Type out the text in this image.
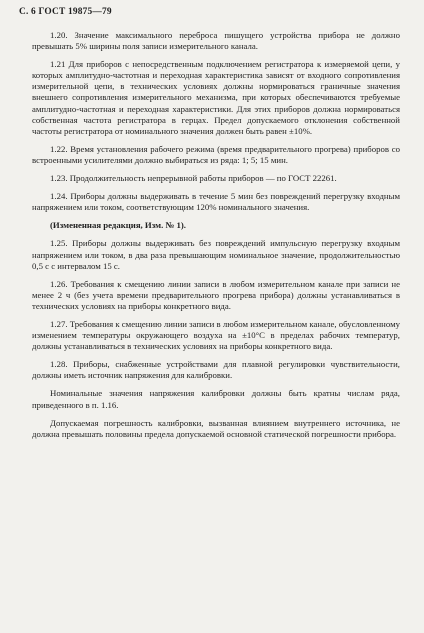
С. 6 ГОСТ 19875—79

1.20. Значение максимального переброса пишущего устройства прибора не должно превышать 5% ширины поля записи измерительного канала.

1.21 Для приборов с непосредственным подключением регистратора к измеряемой цепи, у которых амплитудно-частотная и переходная характеристика зависят от входного сопротивления измерительной цепи, в технических условиях должны нормироваться граничные значения внешнего сопротивления измерительного механизма, при которых обеспечиваются требуемые амплитудно-частотная и переходная характеристики. Для этих приборов должна нормироваться собственная частота регистратора в герцах. Предел допускаемого отклонения собственной частоты регистратора от номинального значения должен быть равен ±10%.

1.22. Время установления рабочего режима (время предварительного прогрева) приборов со встроенными усилителями должно выбираться из ряда: 1; 5; 15 мин.

1.23. Продолжительность непрерывной работы приборов — по ГОСТ 22261.

1.24. Приборы должны выдерживать в течение 5 мин без повреждений перегрузку входным напряжением или током, соответствующим 120% номинального значения.

(Измененная редакция, Изм. № 1).

1.25. Приборы должны выдерживать без повреждений импульсную перегрузку входным напряжением или током, в два раза превышающим номинальное значение, продолжительностью 0,5 с с интервалом 15 с.

1.26. Требования к смещению линии записи в любом измерительном канале при записи не менее 2 ч (без учета времени предварительного прогрева прибора) должны устанавливаться в технических условиях на приборы конкретного вида.

1.27. Требования к смещению линии записи в любом измерительном канале, обусловленному изменением температуры окружающего воздуха на ±10°С в пределах рабочих температур, должны устанавливаться в технических условиях на приборы конкретного вида.

1.28. Приборы, снабженные устройствами для плавной регулировки чувствительности, должны иметь источник напряжения для калибровки.

Номинальные значения напряжения калибровки должны быть кратны числам ряда, приведенного в п. 1.16.

Допускаемая погрешность калибровки, вызванная влиянием внутреннего источника, не должна превышать половины предела допускаемой основной статической погрешности прибора.
